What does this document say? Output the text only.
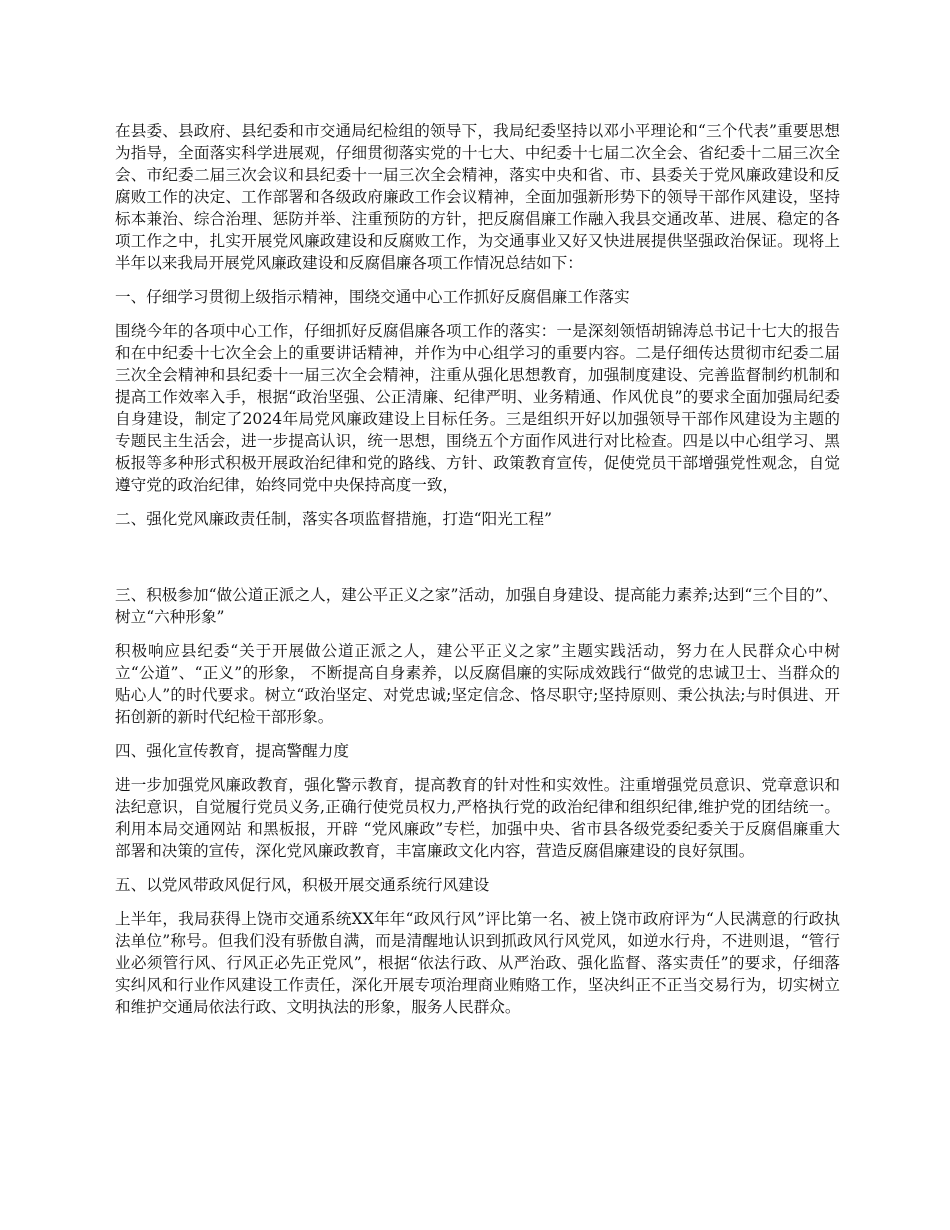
在县委、县政府、县纪委和市交通局纪检组的领导下，我局纪委坚持以邓小平理论和“三个代表”重要思想为指导，全面落实科学进展观，仔细贯彻落实党的十七大、中纪委十七届二次全会、省纪委十二届三次全会、市纪委二届三次会议和县纪委十一届三次全会精神，落实中央和省、市、县委关于党风廉政建设和反腐败工作的决定、工作部署和各级政府廉政工作会议精神，全面加强新形势下的领导干部作风建设，坚持标本兼治、综合治理、惩防并举、注重预防的方针，把反腐倡廉工作融入我县交通改革、进展、稳定的各项工作之中，扎实开展党风廉政建设和反腐败工作，为交通事业又好又快进展提供坚强政治保证。现将上半年以来我局开展党风廉政建设和反腐倡廉各项工作情况总结如下：

一、仔细学习贯彻上级指示精神，围绕交通中心工作抓好反腐倡廉工作落实

围绕今年的各项中心工作，仔细抓好反腐倡廉各项工作的落实：一是深刻领悟胡锦涛总书记十七大的报告和在中纪委十七次全会上的重要讲话精神，并作为中心组学习的重要内容。二是仔细传达贯彻市纪委二届三次全会精神和县纪委十一届三次全会精神，注重从强化思想教育，加强制度建设、完善监督制约机制和提高工作效率入手，根据“政治坚强、公正清廉、纪律严明、业务精通、作风优良”的要求全面加强局纪委自身建设，制定了2024年局党风廉政建设上目标任务。三是组织开好以加强领导干部作风建设为主题的专题民主生活会，进一步提高认识，统一思想，围绕五个方面作风进行对比检查。四是以中心组学习、黑板报等多种形式积极开展政治纪律和党的路线、方针、政策教育宣传，促使党员干部增强党性观念，自觉遵守党的政治纪律，始终同党中央保持高度一致，

二、强化党风廉政责任制，落实各项监督措施，打造“阳光工程”

三、积极参加“做公道正派之人，建公平正义之家”活动，加强自身建设、提高能力素养;达到“三个目的”、树立“六种形象”

积极响应县纪委“关于开展做公道正派之人，建公平正义之家”主题实践活动，努力在人民群众心中树立“公道”、“正义”的形象， 不断提高自身素养，以反腐倡廉的实际成效践行“做党的忠诚卫士、当群众的贴心人”的时代要求。树立“政治坚定、对党忠诚;坚定信念、恪尽职守;坚持原则、秉公执法;与时俱进、开拓创新的新时代纪检干部形象。

四、强化宣传教育，提高警醒力度

进一步加强党风廉政教育，强化警示教育，提高教育的针对性和实效性。注重增强党员意识、党章意识和法纪意识，自觉履行党员义务,正确行使党员权力,严格执行党的政治纪律和组织纪律,维护党的团结统一。利用本局交通网站 和黑板报，开辟 “党风廉政”专栏，加强中央、省市县各级党委纪委关于反腐倡廉重大部署和决策的宣传，深化党风廉政教育，丰富廉政文化内容，营造反腐倡廉建设的良好氛围。

五、以党风带政风促行风，积极开展交通系统行风建设

上半年，我局获得上饶市交通系统XX年年“政风行风”评比第一名、被上饶市政府评为“人民满意的行政执法单位”称号。但我们没有骄傲自满，而是清醒地认识到抓政风行风党风，如逆水行舟，不进则退，“管行业必须管行风、行风正必先正党风”，根据“依法行政、从严治政、强化监督、落实责任”的要求，仔细落实纠风和行业作风建设工作责任，深化开展专项治理商业贿赂工作，坚决纠正不正当交易行为，切实树立和维护交通局依法行政、文明执法的形象，服务人民群众。
